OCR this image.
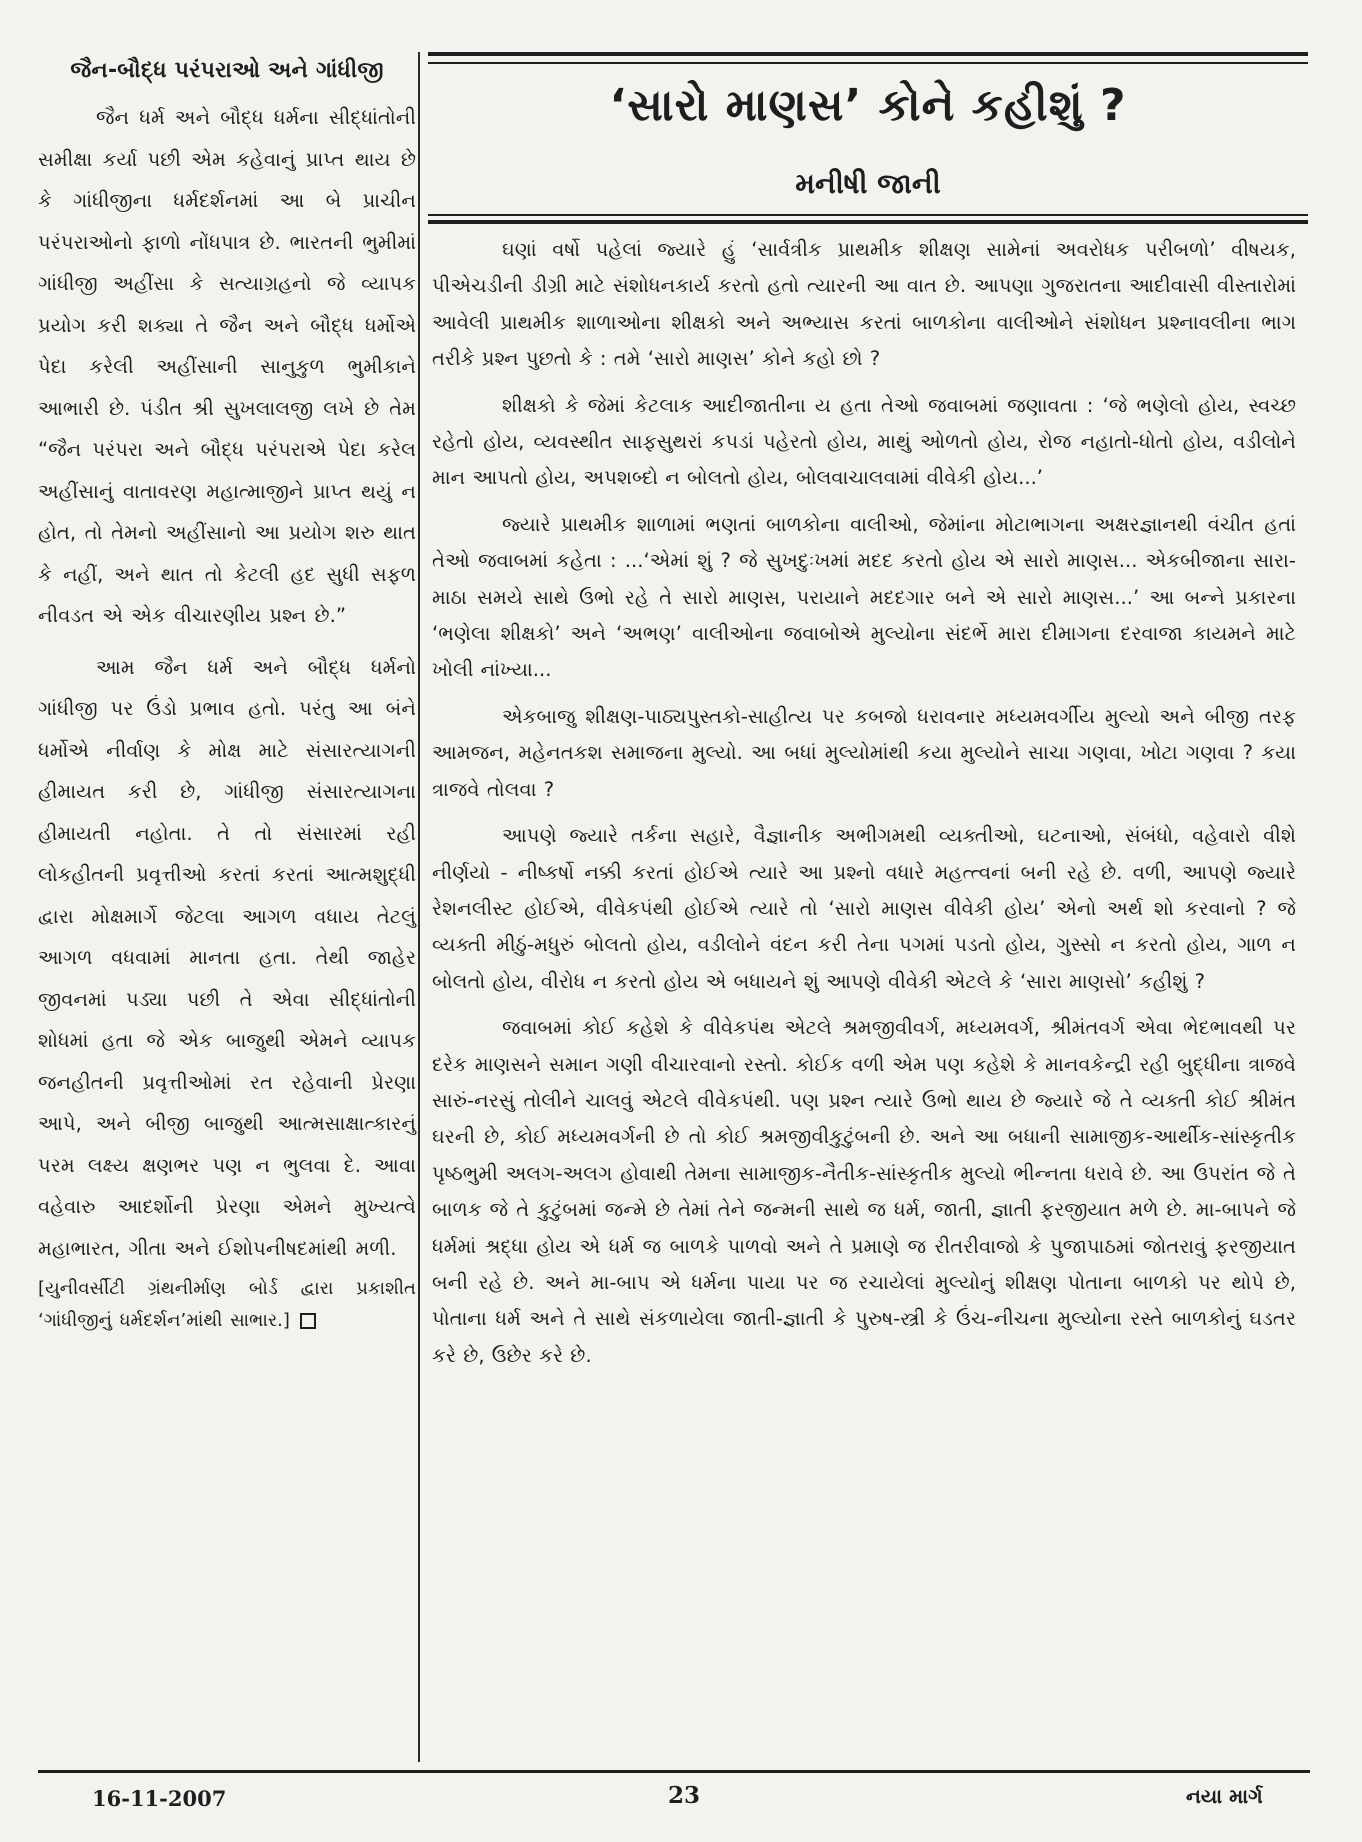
જૈન-બૌદ્ધ પરંપરાઓ અને ગાંધીજી

જૈન ધર્મ અને બૌદ્ધ ધર્મના સીદ્ધાંતોની સમીક્ષા કર્યા પછી એમ કહેવાનું પ્રાપ્ત થાય છે કે ગાંધીજીના ધર્મદર્શનમાં આ બે પ્રાચીન પરંપરાઓનો ફાળો નોંધપાત્ર છે. ભારતની ભુમીમાં ગાંધીજી અહીંસા કે સત્યાગ્રહનો જે વ્યાપક પ્રયોગ કરી શક્યા તે જૈન અને બૌદ્ધ ધર્મોએ પેદા કરેલી અહીંસાની સાનુકુળ ભુમીકાને આભારી છે. પંડીત શ્રી સુખલાલજી લખે છે તેમ “જૈન પરંપરા અને બૌદ્ધ પરંપરાએ પેદા કરેલ અહીંસાનું વાતાવરણ મહાત્માજીને પ્રાપ્ત થયું ન હોત, તો તેમનો અહીંસાનો આ પ્રયોગ શરુ થાત કે નહીં, અને થાત તો કેટલી હદ સુધી સફળ નીવડત એ એક વીચારણીય પ્રશ્ન છે.”

આમ જૈન ધર્મ અને બૌદ્ધ ધર્મનો ગાંધીજી પર ઉંડો પ્રભાવ હતો. પરંતુ આ બંને ધર્મોએ નીર્વાણ કે મોક્ષ માટે સંસારત્યાગની હીમાયત કરી છે, ગાંધીજી સંસારત્યાગના હીમાયતી નહોતા. તે તો સંસારમાં રહી લોકહીતની પ્રવૃત્તીઓ કરતાં કરતાં આત્મશુદ્ધી દ્વારા મોક્ષમાર્ગે જેટલા આગળ વધાય તેટલું આગળ વધવામાં માનતા હતા. તેથી જાહેર જીવનમાં પડ્યા પછી તે એવા સીદ્ધાંતોની શોધમાં હતા જે એક બાજુથી એમને વ્યાપક જનહીતની પ્રવૃત્તીઓમાં રત રહેવાની પ્રેરણા આપે, અને બીજી બાજુથી આત્મસાક્ષાત્કારનું પરમ લક્ષ્ય ક્ષણભર પણ ન ભુલવા દે. આવા વહેવારુ આદર્શોની પ્રેરણા એમને મુખ્યત્વે મહાભારત, ગીતા અને ઈશોપનીષદમાંથી મળી.

[યુનીવર્સીટી ગ્રંથનીર્માણ બોર્ડ દ્વારા પ્રકાશીત ‘ગાંધીજીનું ધર્મદર્શન’માંથી સાભાર.]

‘સારો માણસ’ કોને કહીશું ?
મનીષી જાની

ઘણાં વર્ષો પહેલાં જ્યારે હું ‘સાર્વત્રીક પ્રાથમીક શીક્ષણ સામેનાં અવરોધક પરીબળો’ વીષયક, પીએચડીની ડીગ્રી માટે સંશોધનકાર્ય કરતો હતો ત્યારની આ વાત છે. આપણા ગુજરાતના આદીવાસી વીસ્તારોમાં આવેલી પ્રાથમીક શાળાઓના શીક્ષકો અને અભ્યાસ કરતાં બાળકોના વાલીઓને સંશોધન પ્રશ્નાવલીના ભાગ તરીકે પ્રશ્ન પુછતો કે : તમે ‘સારો માણસ’ કોને કહો છો ?

શીક્ષકો કે જેમાં કેટલાક આદીજાતીના ય હતા તેઓ જવાબમાં જણાવતા : ‘જે ભણેલો હોય, સ્વચ્છ રહેતો હોય, વ્યવસ્થીત સાફસુથરાં કપડાં પહેરતો હોય, માથું ઓળતો હોય, રોજ નહાતો-ધોતો હોય, વડીલોને માન આપતો હોય, અપશબ્દો ન બોલતો હોય, બોલવાચાલવામાં વીવેકી હોય...’

જ્યારે પ્રાથમીક શાળામાં ભણતાં બાળકોના વાલીઓ, જેમાંના મોટાભાગના અક્ષરજ્ઞાનથી વંચીત હતાં તેઓ જવાબમાં કહેતા : ...‘એમાં શું ? જે સુખદુઃખમાં મદદ કરતો હોય એ સારો માણસ... એકબીજાના સારા-માઠા સમયે સાથે ઉભો રહે તે સારો માણસ, પરાયાને મદદગાર બને એ સારો માણસ...’ આ બન્ને પ્રકારના ‘ભણેલા શીક્ષકો’ અને ‘અભણ’ વાલીઓના જવાબોએ મુલ્યોના સંદર્ભે મારા દીમાગના દરવાજા કાયમને માટે ખોલી નાંખ્યા...

એકબાજુ શીક્ષણ-પાઠ્યપુસ્તકો-સાહીત્ય પર કબજો ધરાવનાર મધ્યમવર્ગીય મુલ્યો અને બીજી તરફ આમજન, મહેનતકશ સમાજના મુલ્યો. આ બધાં મુલ્યોમાંથી કયા મુલ્યોને સાચા ગણવા, ખોટા ગણવા ? કયા ત્રાજવે તોલવા ?

આપણે જ્યારે તર્કના સહારે, વૈજ્ઞાનીક અભીગમથી વ્યક્તીઓ, ઘટનાઓ, સંબંધો, વહેવારો વીશે નીર્ણયો - નીષ્કર્ષો નક્કી કરતાં હોઈએ ત્યારે આ પ્રશ્નો વધારે મહત્ત્વનાં બની રહે છે. વળી, આપણે જ્યારે રેશનલીસ્ટ હોઈએ, વીવેકપંથી હોઈએ ત્યારે તો ‘સારો માણસ વીવેકી હોય’ એનો અર્થ શો કરવાનો ? જે વ્યક્તી મીઠું-મધુરું બોલતો હોય, વડીલોને વંદન કરી તેના પગમાં પડતો હોય, ગુસ્સો ન કરતો હોય, ગાળ ન બોલતો હોય, વીરોધ ન કરતો હોય એ બધાયને શું આપણે વીવેકી એટલે કે ‘સારા માણસો’ કહીશું ?

જવાબમાં કોઈ કહેશે કે વીવેકપંથ એટલે શ્રમજીવીવર્ગ, મધ્યમવર્ગ, શ્રીમંતવર્ગ એવા ભેદભાવથી પર દરેક માણસને સમાન ગણી વીચારવાનો રસ્તો. કોઈક વળી એમ પણ કહેશે કે માનવકેન્દ્રી રહી બુદ્ધીના ત્રાજવે સારું-નરસું તોલીને ચાલવું એટલે વીવેકપંથી. પણ પ્રશ્ન ત્યારે ઉભો થાય છે જ્યારે જે તે વ્યક્તી કોઈ શ્રીમંત ઘરની છે, કોઈ મધ્યમવર્ગની છે તો કોઈ શ્રમજીવીકુટુંબની છે. અને આ બધાની સામાજીક-આર્થીક-સાંસ્કૃતીક પૃષ્ઠભુમી અલગ-અલગ હોવાથી તેમના સામાજીક-નૈતીક-સાંસ્કૃતીક મુલ્યો ભીન્નતા ધરાવે છે. આ ઉપરાંત જે તે બાળક જે તે કુટુંબમાં જન્મે છે તેમાં તેને જન્મની સાથે જ ધર્મ, જાતી, જ્ઞાતી ફરજીયાત મળે છે. મા-બાપને જે ધર્મમાં શ્રદ્ધા હોય એ ધર્મ જ બાળકે પાળવો અને તે પ્રમાણે જ રીતરીવાજો કે પુજાપાઠમાં જોતરાવું ફરજીયાત બની રહે છે. અને મા-બાપ એ ધર્મના પાયા પર જ રચાયેલાં મુલ્યોનું શીક્ષણ પોતાના બાળકો પર થોપે છે, પોતાના ધર્મ અને તે સાથે સંકળાયેલા જાતી-જ્ઞાતી કે પુરુષ-સ્ત્રી કે ઉંચ-નીચના મુલ્યોના રસ્તે બાળકોનું ઘડતર કરે છે, ઉછેર કરે છે.

16-11-2007	23	નયા માર્ગ
